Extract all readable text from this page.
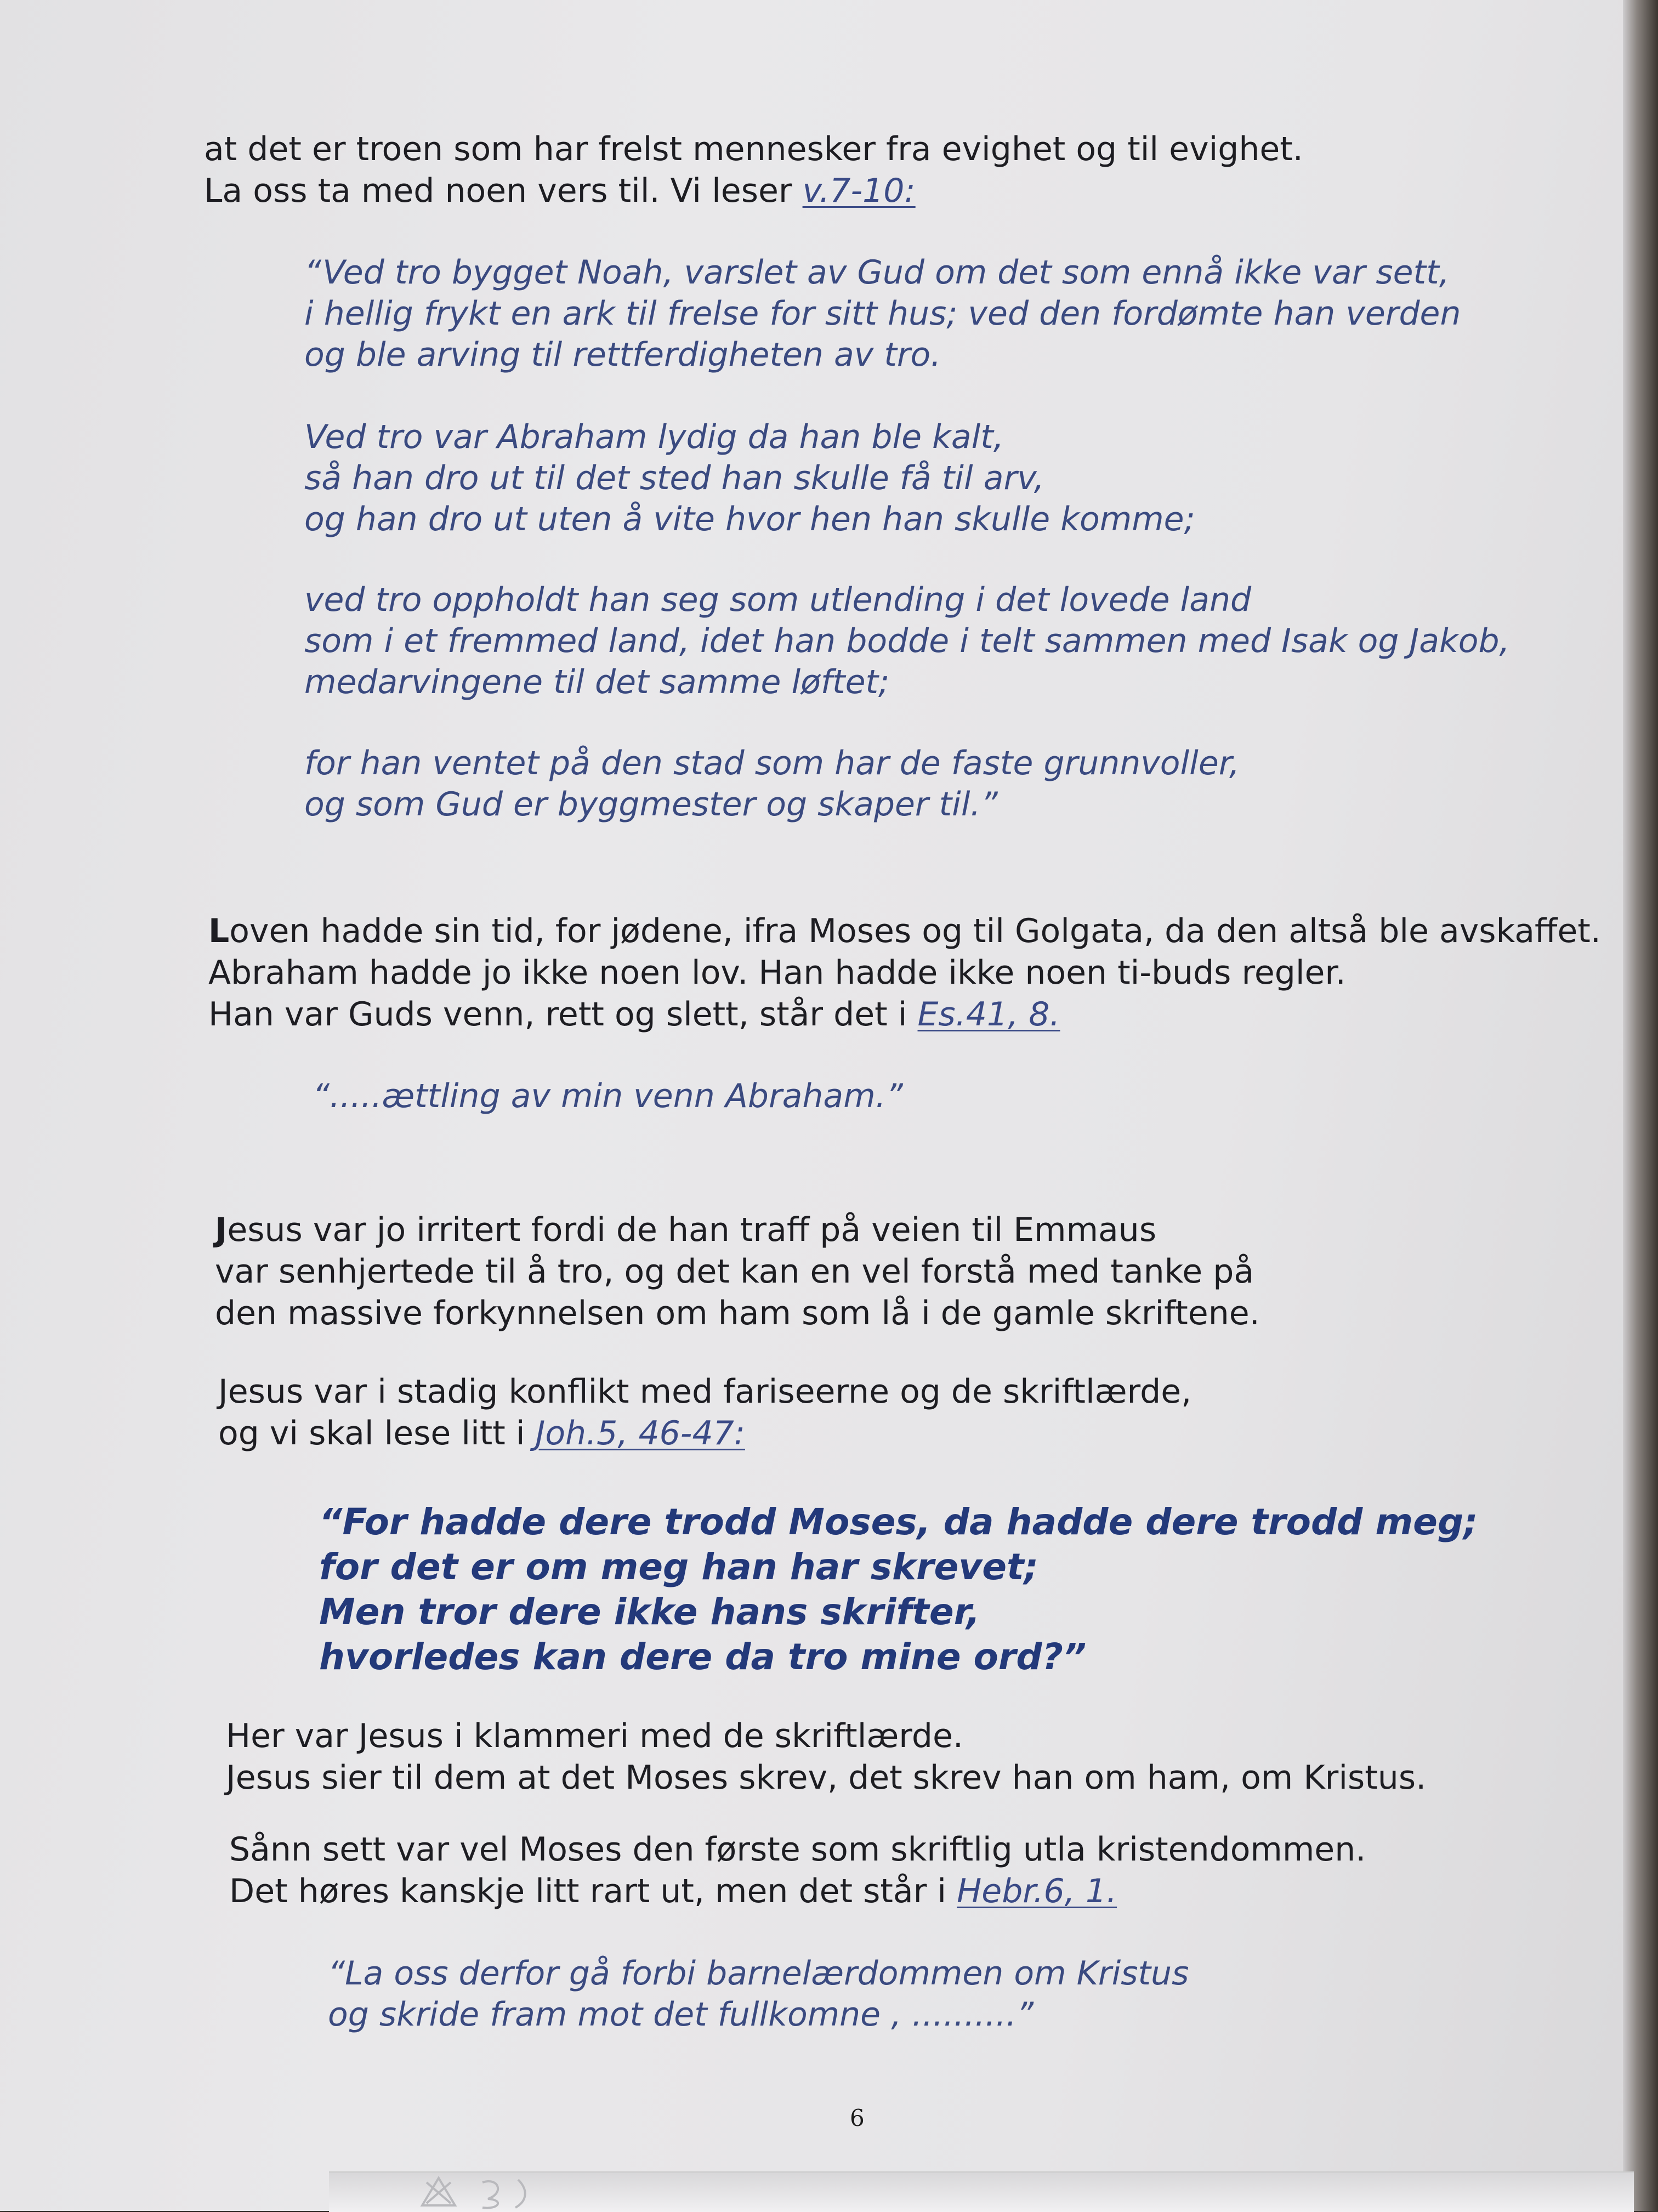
at det er troen som har frelst mennesker fra evighet og til evighet.

La oss ta med noen vers til. Vi leser v.7-10:

“Ved tro bygget Noah, varslet av Gud om det som ennå ikke var sett,
i hellig frykt en ark til frelse for sitt hus; ved den fordømte han verden
og ble arving til rettferdigheten av tro.
Ved tro var Abraham lydig da han ble kalt,
så han dro ut til det sted han skulle få til arv,
og han dro ut uten å vite hvor hen han skulle komme;
ved tro oppholdt han seg som utlending i det lovede land
som i et fremmed land, idet han bodde i telt sammen med Isak og Jakob,
medarvingene til det samme løftet;
for han ventet på den stad som har de faste grunnvoller,
og som Gud er byggmester og skaper til.”
Loven hadde sin tid, for jødene, ifra Moses og til Golgata, da den altså ble avskaffet.
Abraham hadde jo ikke noen lov. Han hadde ikke noen ti-buds regler.
Han var Guds venn, rett og slett, står det i Es.41, 8.

“.....ættling av min venn Abraham.”

Jesus var jo irritert fordi de han traff på veien til Emmaus
var senhjertede til å tro, og det kan en vel forstå med tanke på
den massive forkynnelsen om ham som lå i de gamle skriftene.
Jesus var i stadig konflikt med fariseerne og de skriftlærde,
og vi skal lese litt i Joh.5, 46-47:
“For hadde dere trodd Moses, da hadde dere trodd meg;
for det er om meg han har skrevet;
Men tror dere ikke hans skrifter,
hvorledes kan dere da tro mine ord?”
Her var Jesus i klammeri med de skriftlærde.
Jesus sier til dem at det Moses skrev, det skrev han om ham, om Kristus.
Sånn sett var vel Moses den første som skriftlig utla kristendommen.
Det høres kanskje litt rart ut, men det står i Hebr.6, 1.
“La oss derfor gå forbi barnelærdommen om Kristus
og skride fram mot det fullkomne , ..........”

6
